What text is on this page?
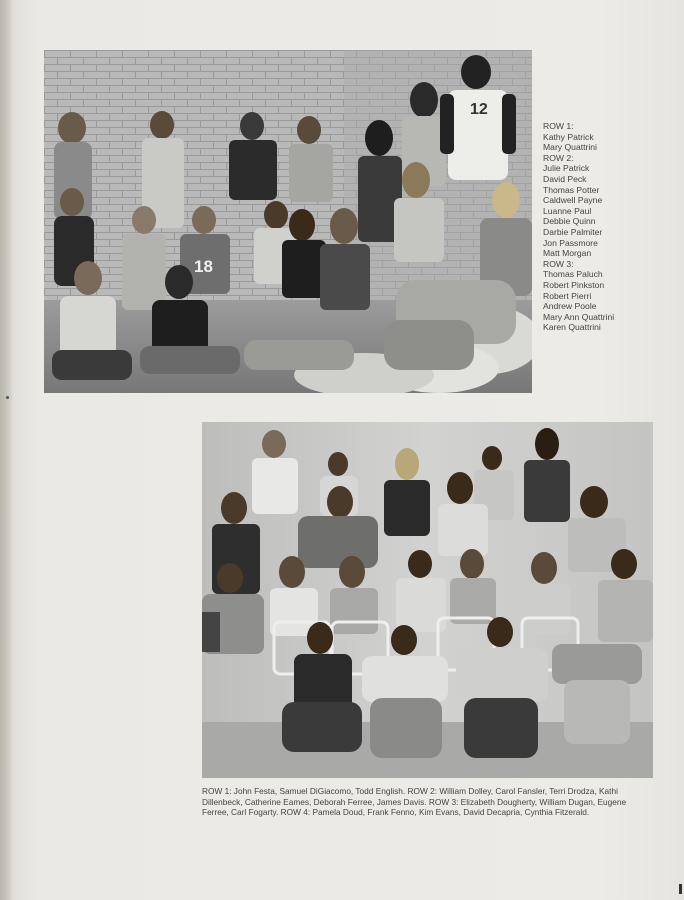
12
18
ROW 1:
Kathy Patrick
Mary Quattrini
ROW 2:
Julie Patrick
David Peck
Thomas Potter
Caldwell Payne
Luanne Paul
Debbie Quinn
Darbie Palmiter
Jon Passmore
Matt Morgan
ROW 3:
Thomas Paluch
Robert Pinkston
Robert Pierri
Andrew Poole
Mary Ann Quattrini
Karen Quattrini

ROW 1: John Festa, Samuel DiGiacomo, Todd English. ROW 2: William Dolley, Carol Fansler, Terri Drodza, Kathi Dillenbeck, Catherine Eames, Deborah Ferree, James Davis. ROW 3: Elizabeth Dougherty, William Dugan, Eugene Ferree, Carl Fogarty. ROW 4: Pamela Doud, Frank Fenno, Kim Evans, David Decapria, Cynthia Fitzerald.
